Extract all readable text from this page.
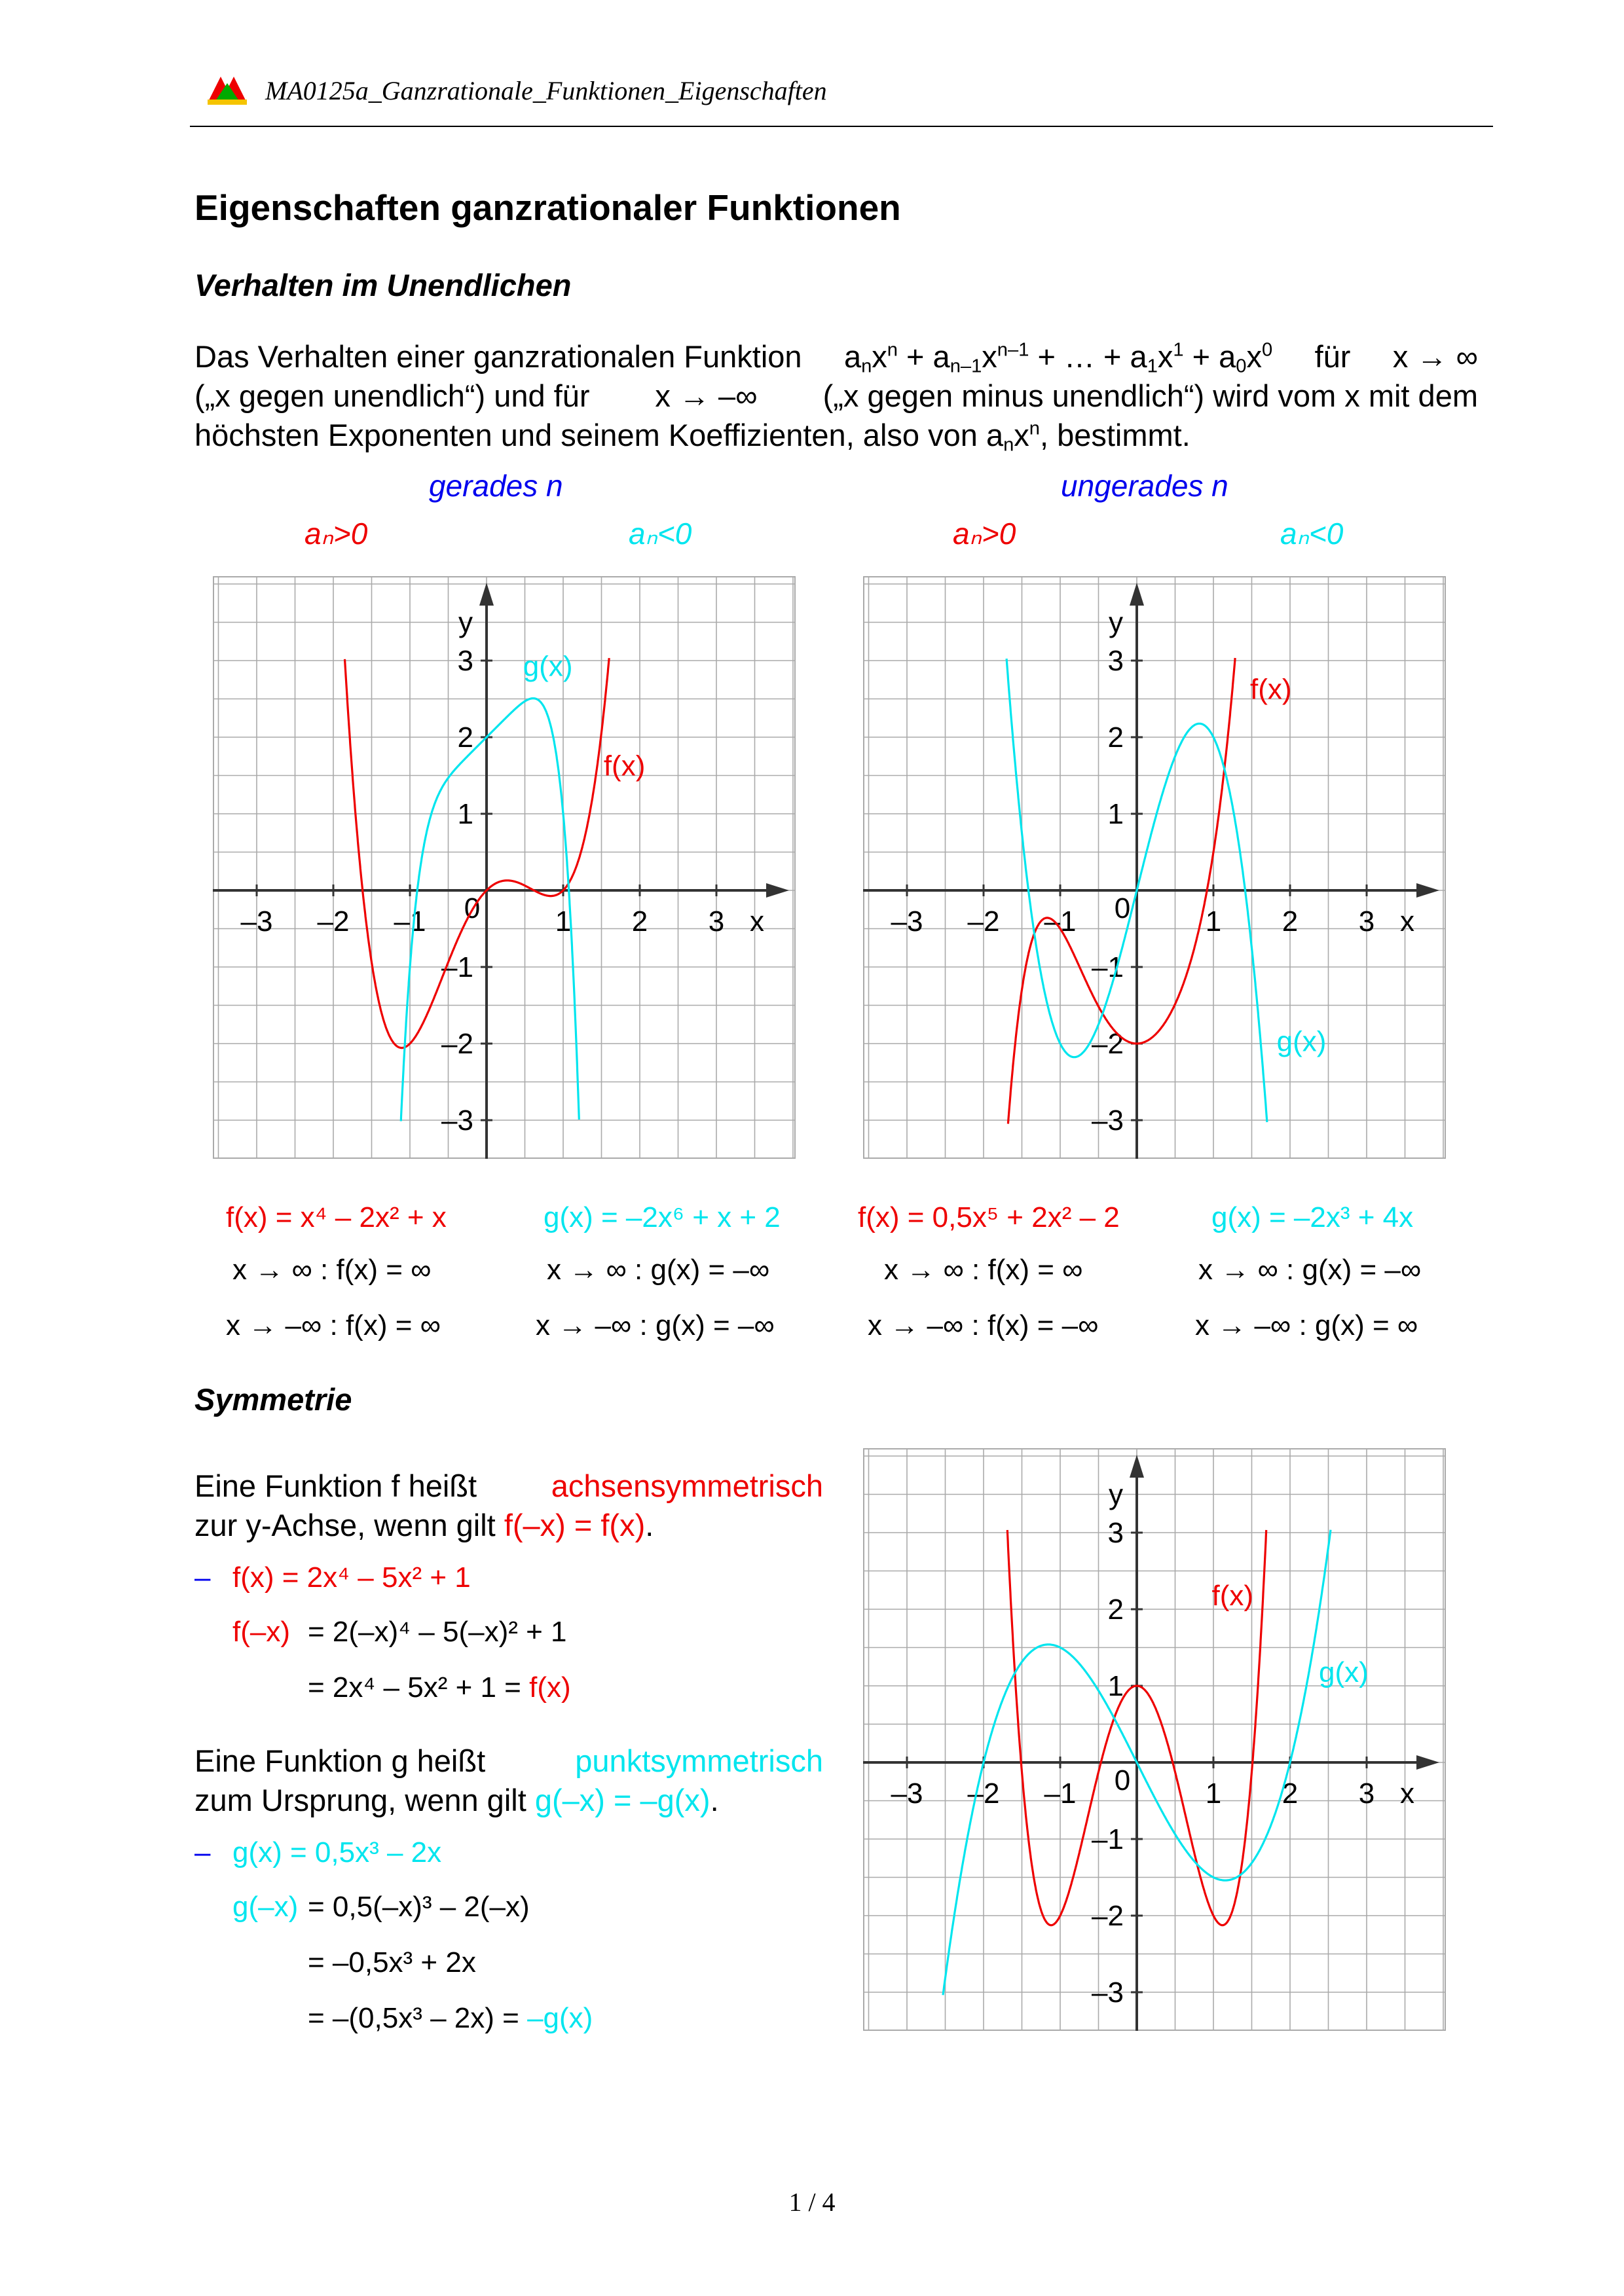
MA0125a_Ganzrationale_Funktionen_Eigenschaften
Eigenschaften ganzrationaler Funktionen
Verhalten im Unendlichen
Das Verhalten einer ganzrationalen Funktion $a_nx^n + a_{n-1}x^{n-1}$ + … + $a_1x^1 + a_0x^0$ für x → ∞
(„x gegen unendlich“) und für x → –∞ („x gegen minus unendlich“) wird vom x mit dem
höchsten Exponenten und seinem Koeffizienten, also von $a_nx^n$, bestimmt.
gerades n	ungerades n
aₙ>0	aₙ<0	aₙ>0	aₙ<0
–3 –2 –1	1 2 3
0	x
3
2
1
–1
–2
–3
y
f(x)
g(x)
–3 –2 –1	1 2 3
0	x
3
2
1
–1
–2
–3
y
f(x)
g(x)
–3 –2 –1	1 2 3
0	x
3
2
1
–1
–2
–3
y
f(x)
g(x)
f(x) = x⁴ – 2x² + x	g(x) = –2x⁶ + x + 2	f(x) = 0,5x⁵ + 2x² – 2	g(x) = –2x³ + 4x
x → ∞ : f(x) = ∞	x → ∞ : g(x) = –∞	x → ∞ : f(x) = ∞	x → ∞ : g(x) = –∞
x → –∞ : f(x) = ∞	x → –∞ : g(x) = –∞	x → –∞ : f(x) = –∞	x → –∞ : g(x) = ∞
Symmetrie
Eine Funktion f heißt achsensymmetrisch
zur y-Achse, wenn gilt f(–x) = f(x).
– f(x) = 2x⁴ – 5x² + 1
f(–x) = 2(–x)⁴ – 5(–x)² + 1
= 2x⁴ – 5x² + 1 = f(x)
Eine Funktion g heißt	punktsymmetrisch
zum Ursprung, wenn gilt g(–x) = –g(x).
– g(x) = 0,5x³ – 2x
g(–x) = 0,5(–x)³ – 2(–x)
= –0,5x³ + 2x
= –(0,5x³ – 2x) = –g(x)
1 / 4
